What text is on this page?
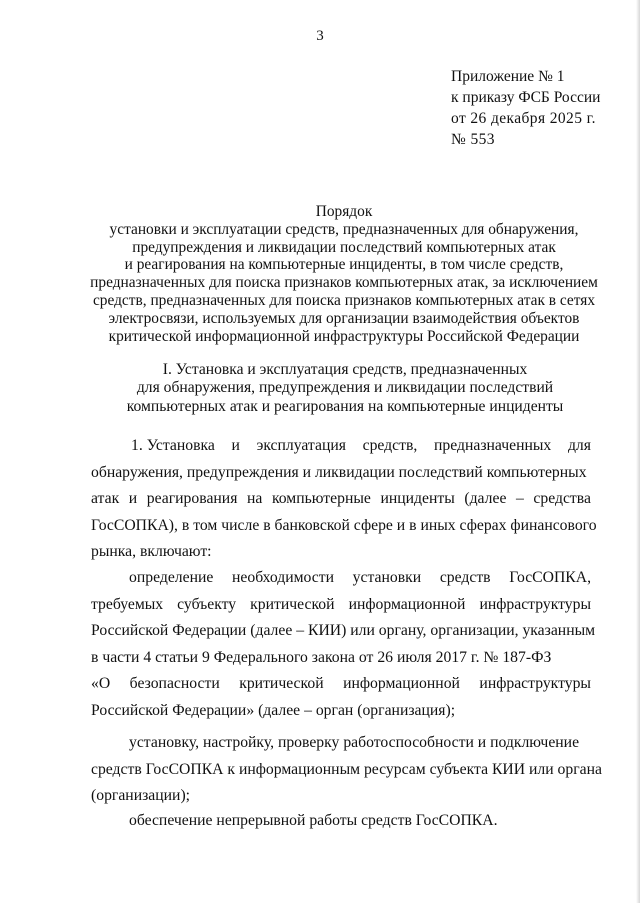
3
Приложение № 1
к приказу ФСБ России
от 26 декабря 2025 г.
№ 553
Порядок
установки и эксплуатации средств, предназначенных для обнаружения,
предупреждения и ликвидации последствий компьютерных атак
и реагирования на компьютерные инциденты, в том числе средств,
предназначенных для поиска признаков компьютерных атак, за исключением
средств, предназначенных для поиска признаков компьютерных атак в сетях
электросвязи, используемых для организации взаимодействия объектов
критической информационной инфраструктуры Российской Федерации
I. Установка и эксплуатация средств, предназначенных
для обнаружения, предупреждения и ликвидации последствий
компьютерных атак и реагирования на компьютерные инциденты
1. Установка и эксплуатация средств, предназначенных для
обнаружения, предупреждения и ликвидации последствий компьютерных
атак и реагирования на компьютерные инциденты (далее – средства
ГосСОПКА), в том числе в банковской сфере и в иных сферах финансового
рынка, включают:
определение необходимости установки средств ГосСОПКА,
требуемых субъекту критической информационной инфраструктуры
Российской Федерации (далее – КИИ) или органу, организации, указанным
в части 4 статьи 9 Федерального закона от 26 июля 2017 г. № 187-ФЗ
«О безопасности критической информационной инфраструктуры
Российской Федерации» (далее – орган (организация);
установку, настройку, проверку работоспособности и подключение
средств ГосСОПКА к информационным ресурсам субъекта КИИ или органа
(организации);
обеспечение непрерывной работы средств ГосСОПКА.
